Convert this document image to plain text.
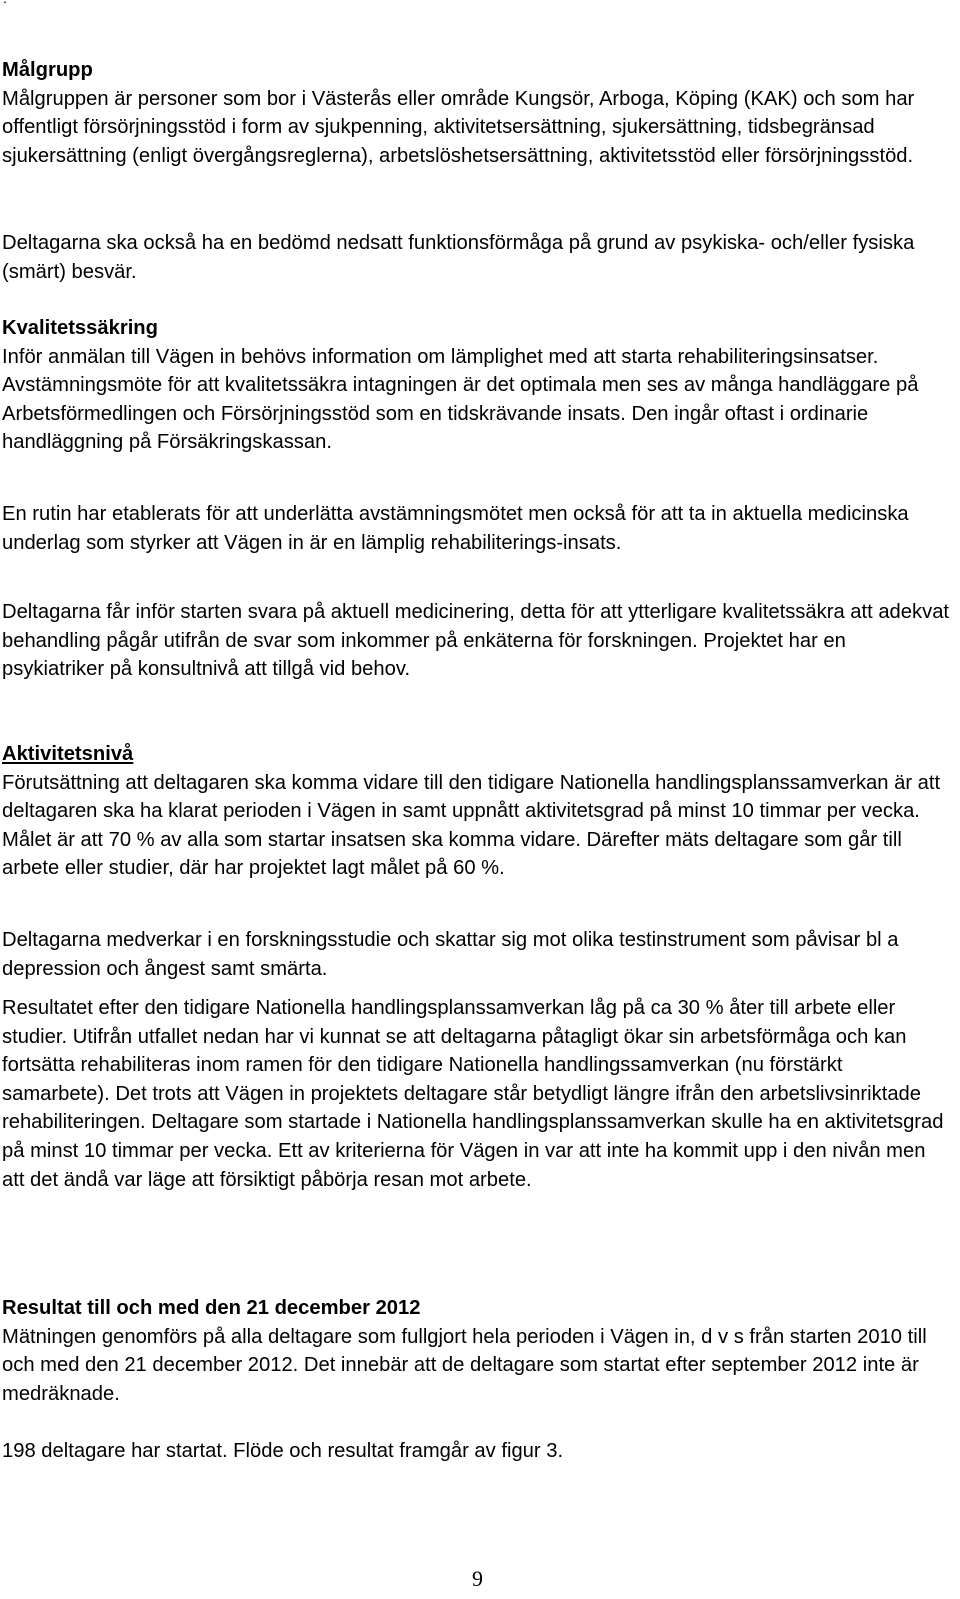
Målgrupp

Målgruppen är personer som bor i Västerås eller område Kungsör, Arboga, Köping (KAK) och som har offentligt försörjningsstöd i form av sjukpenning, aktivitetsersättning, sjukersättning, tidsbegränsad sjukersättning (enligt övergångsreglerna), arbetslöshetsersättning, aktivitetsstöd eller försörjningsstöd.

Deltagarna ska också ha en bedömd nedsatt funktionsförmåga på grund av psykiska- och/eller fysiska (smärt) besvär.

Kvalitetssäkring

Inför anmälan till Vägen in behövs information om lämplighet med att starta rehabiliteringsinsatser. Avstämningsmöte för att kvalitetssäkra intagningen är det optimala men ses av många handläggare på Arbetsförmedlingen och Försörjningsstöd som en tidskrävande insats. Den ingår oftast i ordinarie handläggning på Försäkringskassan.

En rutin har etablerats för att underlätta avstämningsmötet men också för att ta in aktuella medicinska underlag som styrker att Vägen in är en lämplig rehabiliterings-insats.

Deltagarna får inför starten svara på aktuell medicinering, detta för att ytterligare kvalitetssäkra att adekvat behandling pågår utifrån de svar som inkommer på enkäterna för forskningen. Projektet har en psykiatriker på konsultnivå att tillgå vid behov.

Aktivitetsnivå

Förutsättning att deltagaren ska komma vidare till den tidigare Nationella handlingsplanssamverkan är att deltagaren ska ha klarat perioden i Vägen in samt uppnått aktivitetsgrad på minst 10 timmar per vecka. Målet är att 70 % av alla som startar insatsen ska komma vidare. Därefter mäts deltagare som går till arbete eller studier, där har projektet lagt målet på 60 %.

Deltagarna medverkar i en forskningsstudie och skattar sig mot olika testinstrument som påvisar bl a depression och ångest samt smärta.

Resultatet efter den tidigare Nationella handlingsplanssamverkan låg på ca 30 % åter till arbete eller studier. Utifrån utfallet nedan har vi kunnat se att deltagarna påtagligt ökar sin arbetsförmåga och kan fortsätta rehabiliteras inom ramen för den tidigare Nationella handlingssamverkan (nu förstärkt samarbete). Det trots att Vägen in projektets deltagare står betydligt längre ifrån den arbetslivsinriktade rehabiliteringen. Deltagare som startade i Nationella handlingsplanssamverkan skulle ha en aktivitetsgrad på minst 10 timmar per vecka. Ett av kriterierna för Vägen in var att inte ha kommit upp i den nivån men att det ändå var läge att försiktigt påbörja resan mot arbete.

Resultat till och med den 21 december 2012

Mätningen genomförs på alla deltagare som fullgjort hela perioden i Vägen in, d v s från starten 2010 till och med den 21 december 2012. Det innebär att de deltagare som startat efter september 2012 inte är medräknade.

198 deltagare har startat. Flöde och resultat framgår av figur 3.

9
